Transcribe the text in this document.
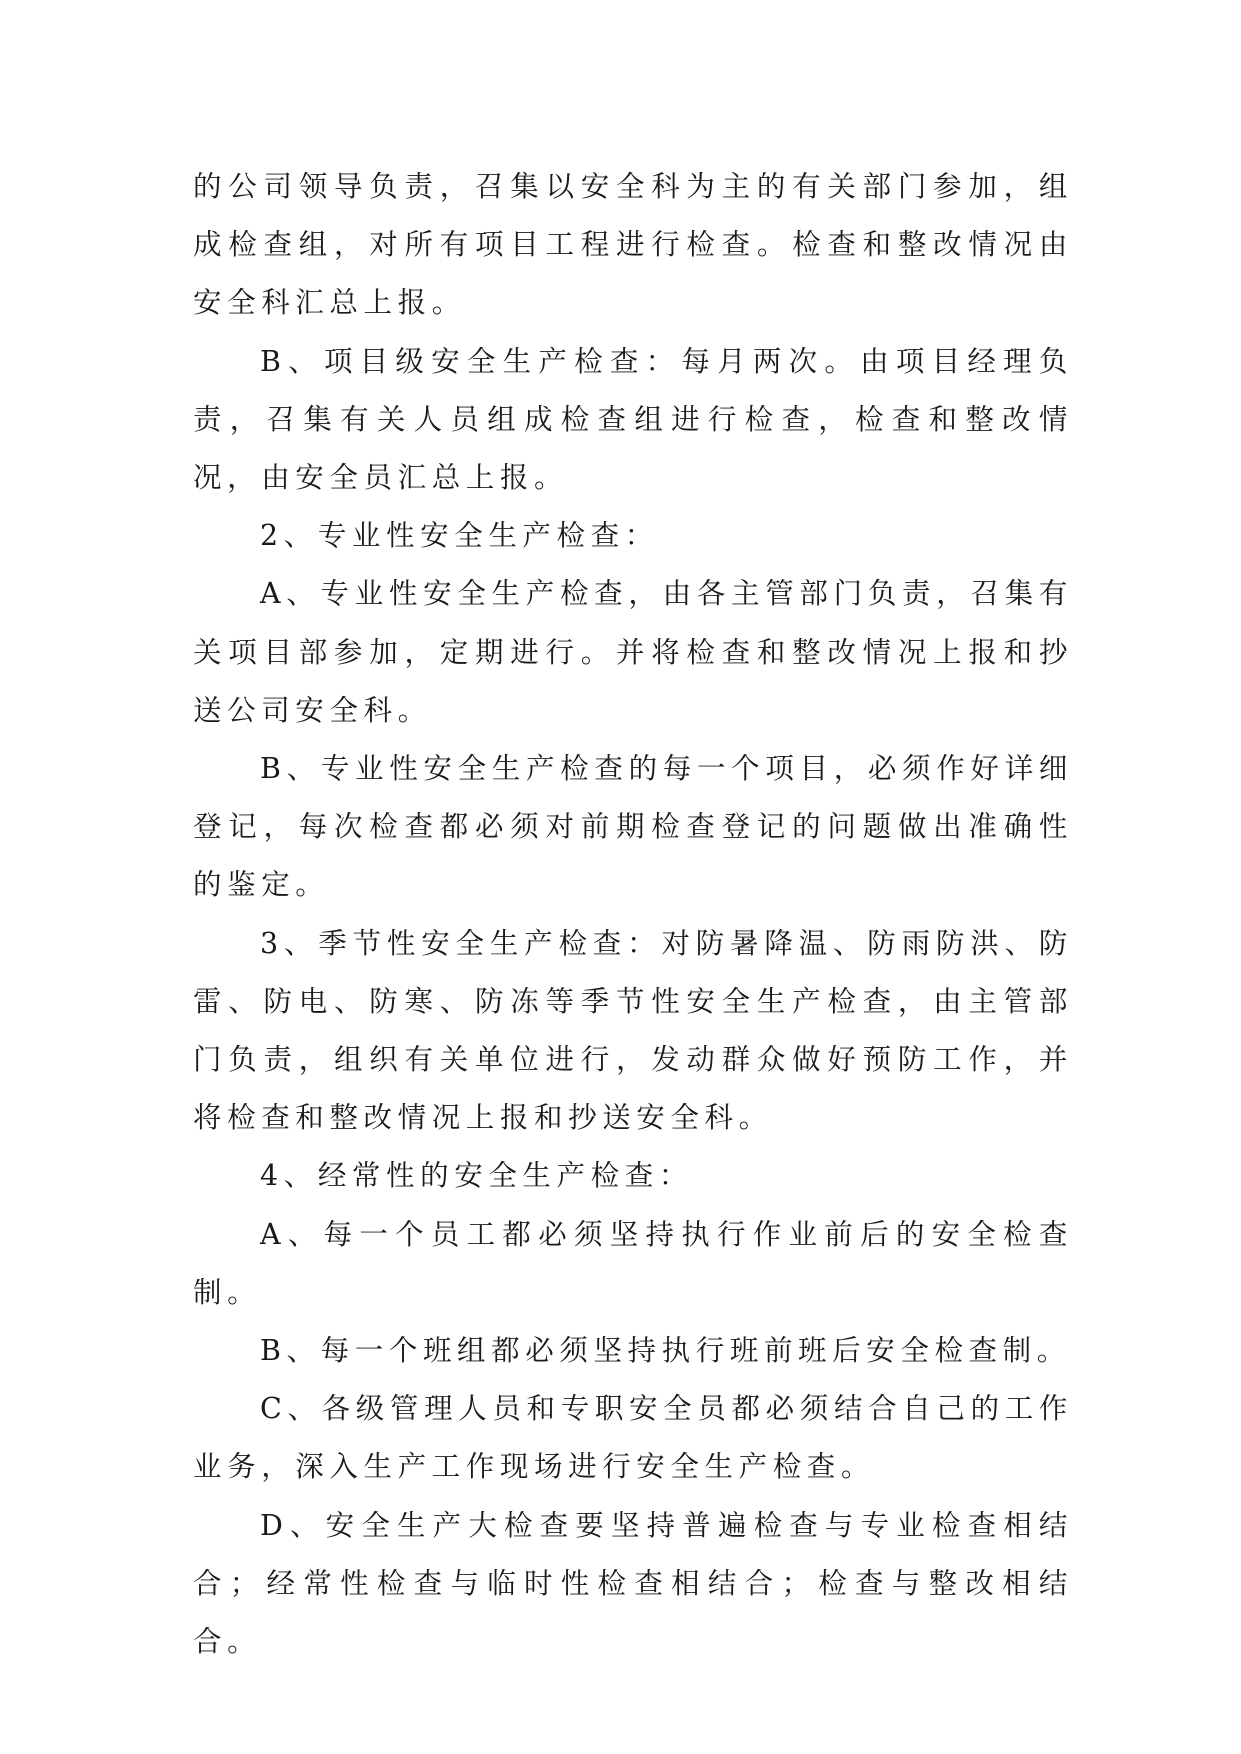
的公司领导负责，召集以安全科为主的有关部门参加，组成检查组，对所有项目工程进行检查。检查和整改情况由安全科汇总上报。

B、项目级安全生产检查：每月两次。由项目经理负责，召集有关人员组成检查组进行检查，检查和整改情况，由安全员汇总上报。

2、专业性安全生产检查：

A、专业性安全生产检查，由各主管部门负责，召集有关项目部参加，定期进行。并将检查和整改情况上报和抄送公司安全科。

B、专业性安全生产检查的每一个项目，必须作好详细登记，每次检查都必须对前期检查登记的问题做出准确性的鉴定。

3、季节性安全生产检查：对防暑降温、防雨防洪、防雷、防电、防寒、防冻等季节性安全生产检查，由主管部门负责，组织有关单位进行，发动群众做好预防工作，并将检查和整改情况上报和抄送安全科。

4、经常性的安全生产检查：

A、每一个员工都必须坚持执行作业前后的安全检查制。

B、每一个班组都必须坚持执行班前班后安全检查制。

C、各级管理人员和专职安全员都必须结合自己的工作业务，深入生产工作现场进行安全生产检查。

D、安全生产大检查要坚持普遍检查与专业检查相结合；经常性检查与临时性检查相结合；检查与整改相结合。
